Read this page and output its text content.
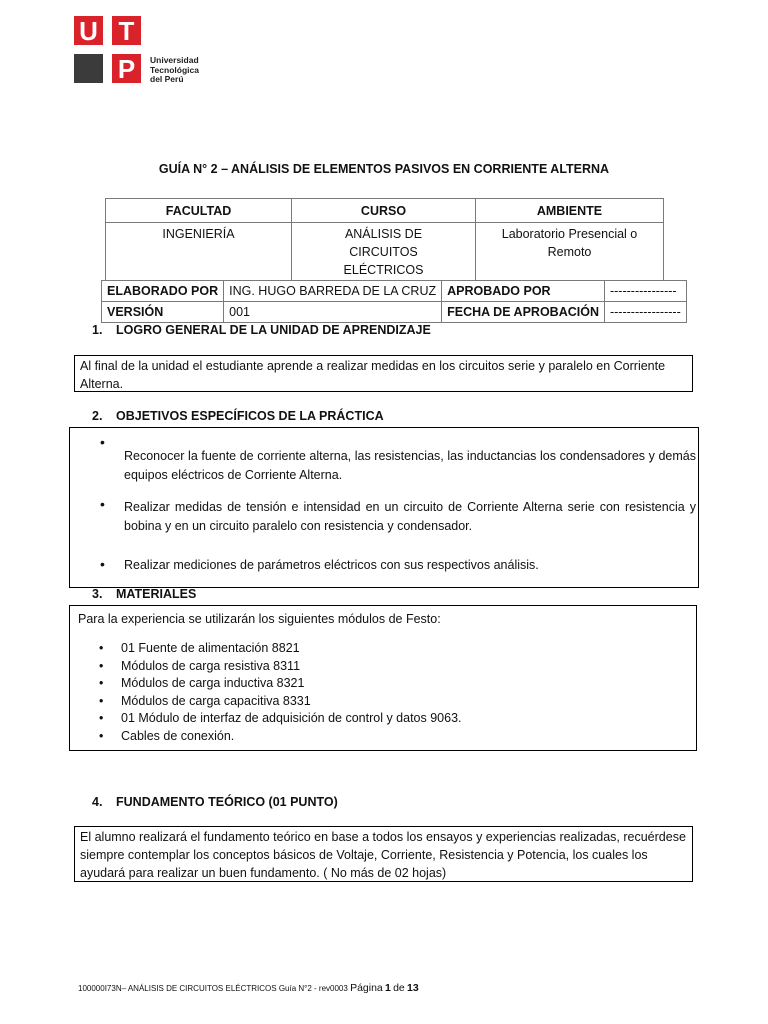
U T
P	Universidad
Tecnológica
del Perú
GUÍA N° 2 – ANÁLISIS DE ELEMENTOS PASIVOS EN CORRIENTE ALTERNA
FACULTAD	CURSO	AMBIENTE
INGENIERÍA	ANÁLISIS DE CIRCUITOS ELÉCTRICOS	Laboratorio Presencial o Remoto
ELABORADO POR	ING. HUGO BARREDA DE LA CRUZ	APROBADO POR	----------------
VERSIÓN	001	FECHA DE APROBACIÓN	-----------------
1. LOGRO GENERAL DE LA UNIDAD DE APRENDIZAJE
Al final de la unidad el estudiante aprende a realizar medidas en los circuitos serie y paralelo en Corriente Alterna.
2. OBJETIVOS ESPECÍFICOS DE LA PRÁCTICA
•

Reconocer la fuente de corriente alterna, las resistencias, las inductancias los condensadores y demás equipos eléctricos de Corriente Alterna.

• Realizar medidas de tensión e intensidad en un circuito de Corriente Alterna serie con resistencia y bobina y en un circuito paralelo con resistencia y condensador.

• Realizar mediciones de parámetros eléctricos con sus respectivos análisis.

3. MATERIALES
Para la experiencia se utilizarán los siguientes módulos de Festo:
• 01 Fuente de alimentación 8821
• Módulos de carga resistiva 8311
• Módulos de carga inductiva 8321
• Módulos de carga capacitiva 8331
• 01 Módulo de interfaz de adquisición de control y datos 9063.
• Cables de conexión.
4. FUNDAMENTO TEÓRICO (01 PUNTO)
El alumno realizará el fundamento teórico en base a todos los ensayos y experiencias realizadas, recuérdese siempre contemplar los conceptos básicos de Voltaje, Corriente, Resistencia y Potencia, los cuales los ayudará para realizar un buen fundamento. ( No más de 02 hojas)
100000I73N– ANÁLISIS DE CIRCUITOS ELÉCTRICOS Guía N°2 - rev0003 Página 1 de 13
